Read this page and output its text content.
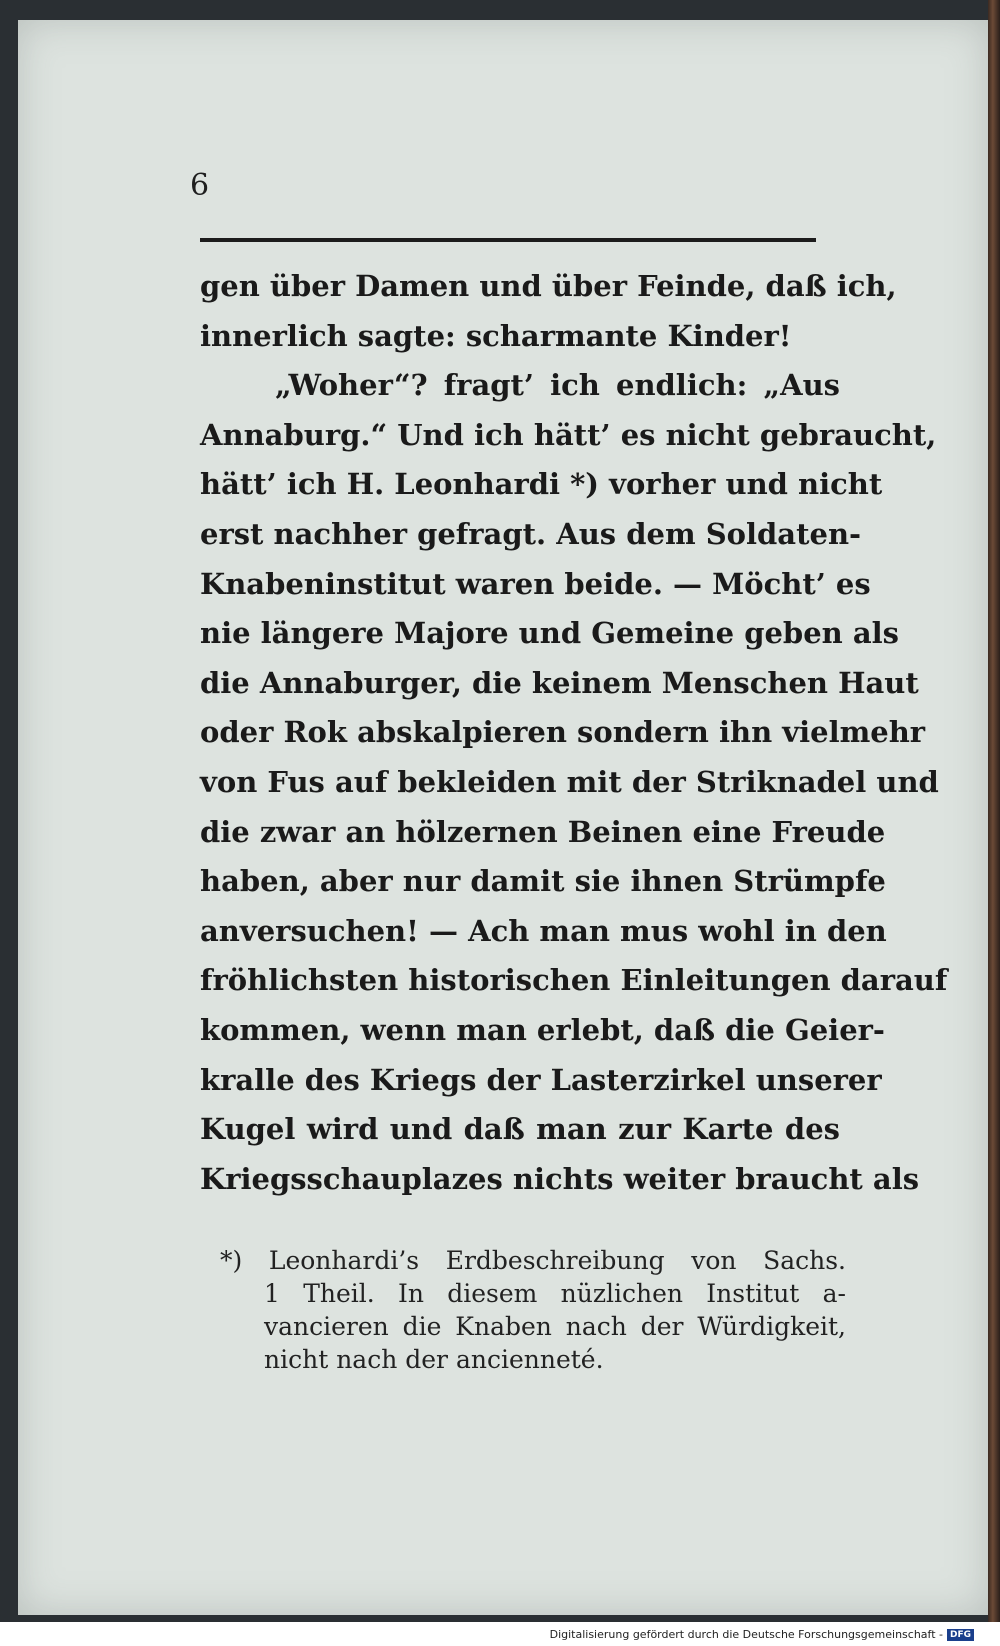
6
gen über Damen und über Feinde, daß ich,
innerlich sagte: scharmante Kinder!
„Woher“? fragt’ ich endlich: „Aus
Annaburg.“ Und ich hätt’ es nicht gebraucht,
hätt’ ich H. Leonhardi *) vorher und nicht
erst nachher gefragt. Aus dem Soldaten-
Knabeninstitut waren beide. — Möcht’ es
nie längere Majore und Gemeine geben als
die Annaburger, die keinem Menschen Haut
oder Rok abskalpieren sondern ihn vielmehr
von Fus auf bekleiden mit der Striknadel und
die zwar an hölzernen Beinen eine Freude
haben, aber nur damit sie ihnen Strümpfe
anversuchen! — Ach man mus wohl in den
fröhlichsten historischen Einleitungen darauf
kommen, wenn man erlebt, daß die Geier-
kralle des Kriegs der Lasterzirkel unserer
Kugel wird und daß man zur Karte des
Kriegsschauplazes nichts weiter braucht als
*) Leonhardi’s Erdbeschreibung von Sachs.
1 Theil. In diesem nüzlichen Institut a-
vancieren die Knaben nach der Würdigkeit,
nicht nach der ancienneté.
Digitalisierung gefördert durch die Deutsche Forschungsgemeinschaft - DFG
